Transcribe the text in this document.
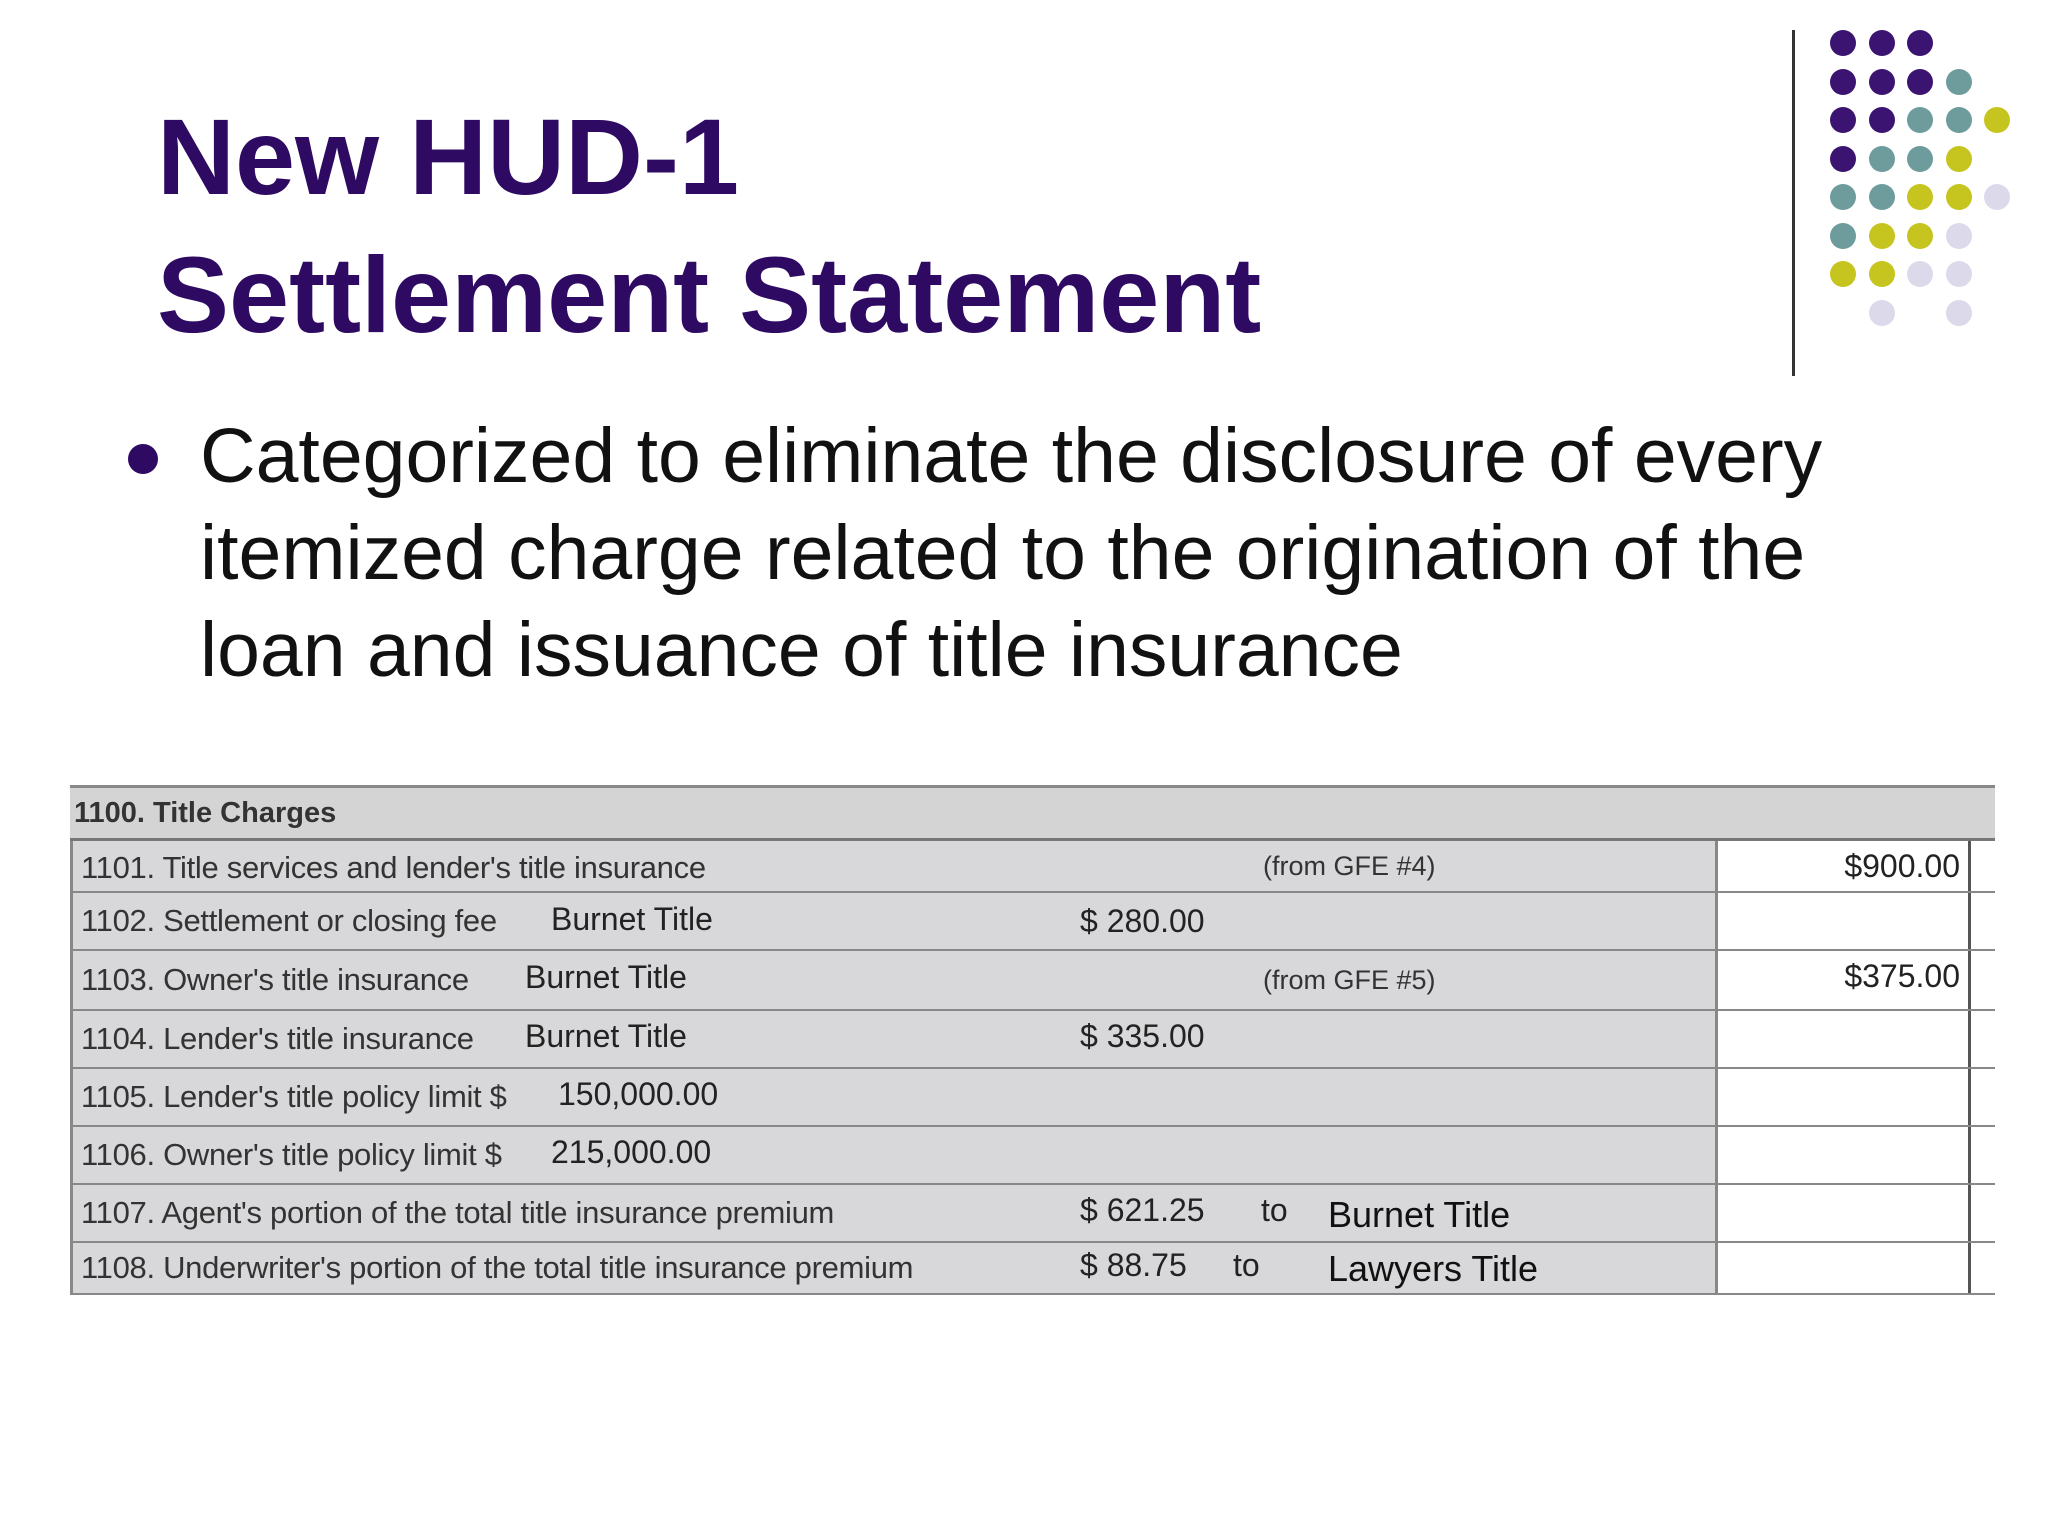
New HUD-1
Settlement Statement
Categorized to eliminate the disclosure of every
itemized charge related to the origination of the
loan and issuance of title insurance
1100. Title Charges
1101. Title services and lender's title insurance	(from GFE #4)	$900.00
1102. Settlement or closing fee Burnet Title	$ 280.00
1103. Owner's title insurance Burnet Title	(from GFE #5)	$375.00
1104. Lender's title insurance Burnet Title	$ 335.00
1105. Lender's title policy limit $ 150,000.00
1106. Owner's title policy limit $ 215,000.00
1107. Agent's portion of the total title insurance premium	$ 621.25 to Burnet Title
1108. Underwriter's portion of the total title insurance premium	$ 88.75 to Lawyers Title
